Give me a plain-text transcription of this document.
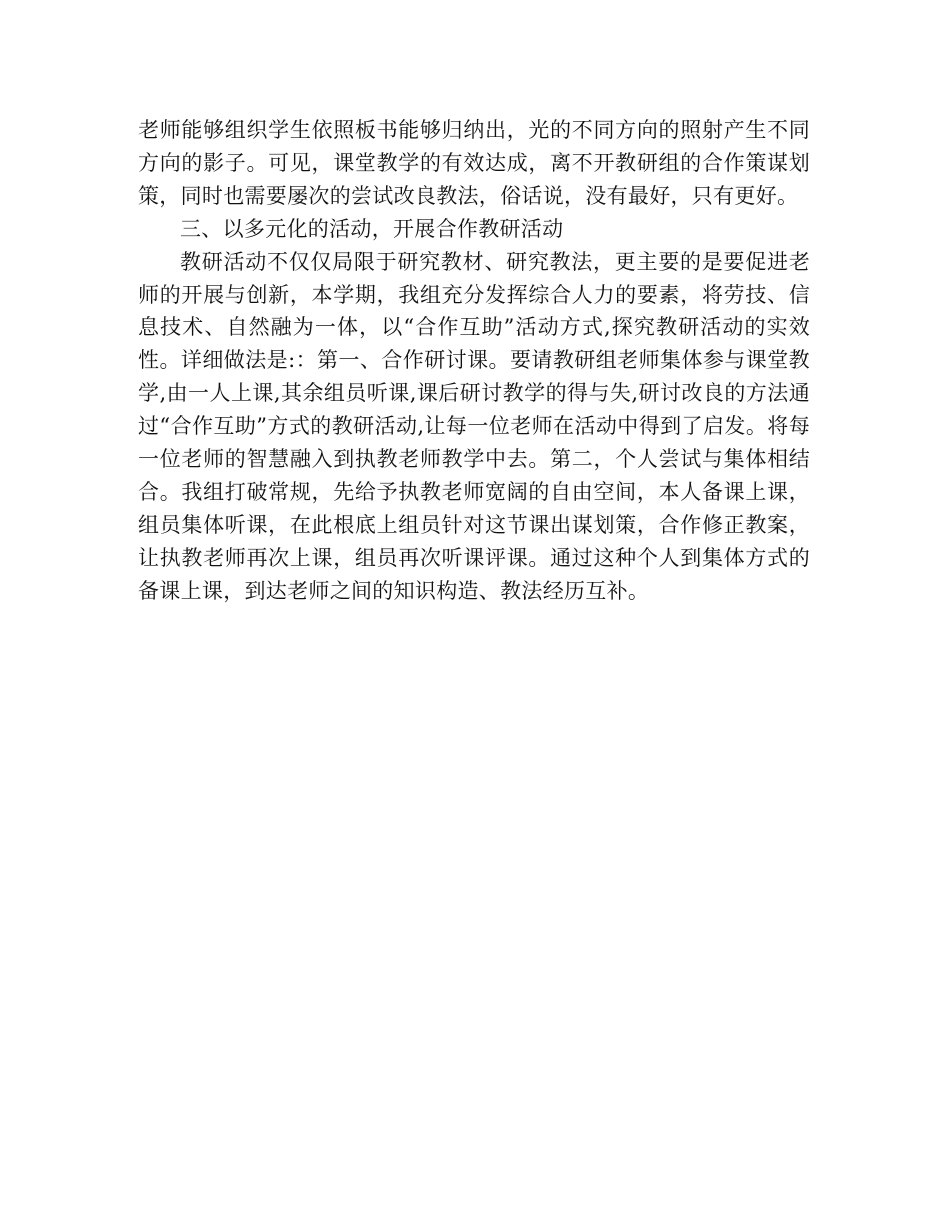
老师能够组织学生依照板书能够归纳出，光的不同方向的照射产生不同方向的影子。可见，课堂教学的有效达成，离不开教研组的合作策谋划策，同时也需要屡次的尝试改良教法，俗话说，没有最好，只有更好。

三、以多元化的活动，开展合作教研活动

教研活动不仅仅局限于研究教材、研究教法，更主要的是要促进老师的开展与创新，本学期，我组充分发挥综合人力的要素，将劳技、信息技术、自然融为一体，以“合作互助”活动方式,探究教研活动的实效性。详细做法是:：第一、合作研讨课。要请教研组老师集体参与课堂教学,由一人上课,其余组员听课,课后研讨教学的得与失,研讨改良的方法通过“合作互助”方式的教研活动,让每一位老师在活动中得到了启发。将每一位老师的智慧融入到执教老师教学中去。第二，个人尝试与集体相结合。我组打破常规，先给予执教老师宽阔的自由空间，本人备课上课，组员集体听课，在此根底上组员针对这节课出谋划策，合作修正教案，让执教老师再次上课，组员再次听课评课。通过这种个人到集体方式的备课上课，到达老师之间的知识构造、教法经历互补。
